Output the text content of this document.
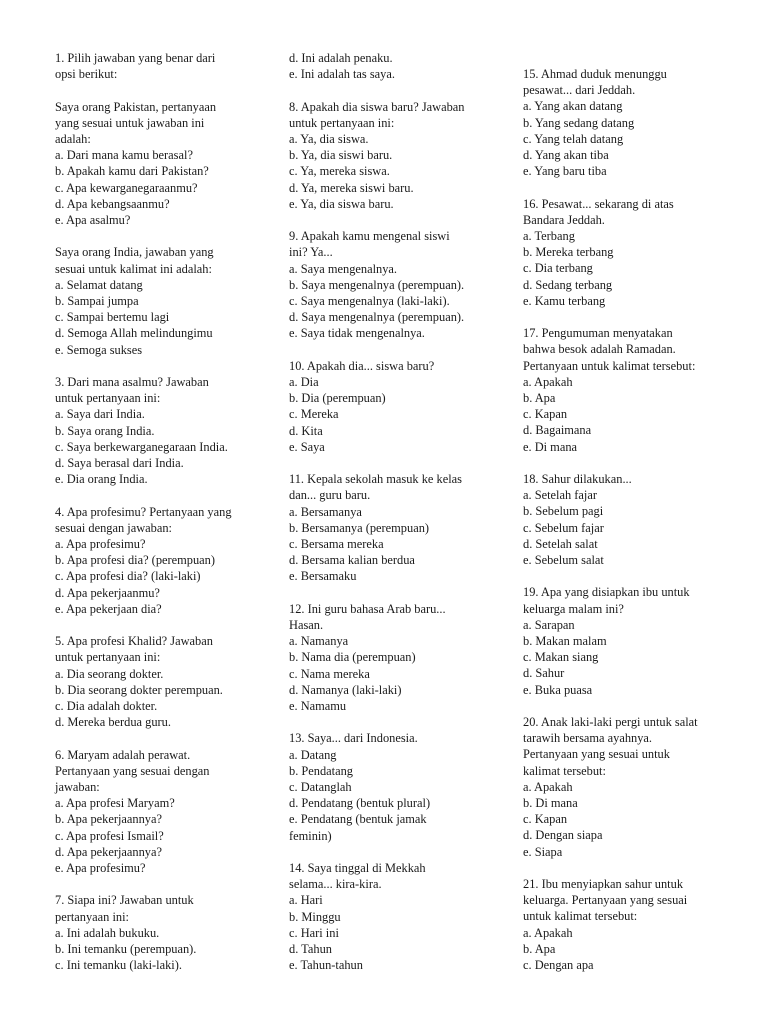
1. Pilih jawaban yang benar dari
opsi berikut:
Saya orang Pakistan, pertanyaan
yang sesuai untuk jawaban ini
adalah:
a. Dari mana kamu berasal?
b. Apakah kamu dari Pakistan?
c. Apa kewarganegaraanmu?
d. Apa kebangsaanmu?
e. Apa asalmu?
Saya orang India, jawaban yang
sesuai untuk kalimat ini adalah:
a. Selamat datang
b. Sampai jumpa
c. Sampai bertemu lagi
d. Semoga Allah melindungimu
e. Semoga sukses
3. Dari mana asalmu? Jawaban
untuk pertanyaan ini:
a. Saya dari India.
b. Saya orang India.
c. Saya berkewarganegaraan India.
d. Saya berasal dari India.
e. Dia orang India.
4. Apa profesimu? Pertanyaan yang
sesuai dengan jawaban:
a. Apa profesimu?
b. Apa profesi dia? (perempuan)
c. Apa profesi dia? (laki-laki)
d. Apa pekerjaanmu?
e. Apa pekerjaan dia?
5. Apa profesi Khalid? Jawaban
untuk pertanyaan ini:
a. Dia seorang dokter.
b. Dia seorang dokter perempuan.
c. Dia adalah dokter.
d. Mereka berdua guru.
6. Maryam adalah perawat.
Pertanyaan yang sesuai dengan
jawaban:
a. Apa profesi Maryam?
b. Apa pekerjaannya?
c. Apa profesi Ismail?
d. Apa pekerjaannya?
e. Apa profesimu?
7. Siapa ini? Jawaban untuk
pertanyaan ini:
a. Ini adalah bukuku.
b. Ini temanku (perempuan).
c. Ini temanku (laki-laki).
d. Ini adalah penaku.
e. Ini adalah tas saya.
8. Apakah dia siswa baru? Jawaban
untuk pertanyaan ini:
a. Ya, dia siswa.
b. Ya, dia siswi baru.
c. Ya, mereka siswa.
d. Ya, mereka siswi baru.
e. Ya, dia siswa baru.
9. Apakah kamu mengenal siswi
ini? Ya...
a. Saya mengenalnya.
b. Saya mengenalnya (perempuan).
c. Saya mengenalnya (laki-laki).
d. Saya mengenalnya (perempuan).
e. Saya tidak mengenalnya.
10. Apakah dia... siswa baru?
a. Dia
b. Dia (perempuan)
c. Mereka
d. Kita
e. Saya
11. Kepala sekolah masuk ke kelas
dan... guru baru.
a. Bersamanya
b. Bersamanya (perempuan)
c. Bersama mereka
d. Bersama kalian berdua
e. Bersamaku
12. Ini guru bahasa Arab baru...
Hasan.
a. Namanya
b. Nama dia (perempuan)
c. Nama mereka
d. Namanya (laki-laki)
e. Namamu
13. Saya... dari Indonesia.
a. Datang
b. Pendatang
c. Datanglah
d. Pendatang (bentuk plural)
e. Pendatang (bentuk jamak
feminin)
14. Saya tinggal di Mekkah
selama... kira-kira.
a. Hari
b. Minggu
c. Hari ini
d. Tahun
e. Tahun-tahun
15. Ahmad duduk menunggu
pesawat... dari Jeddah.
a. Yang akan datang
b. Yang sedang datang
c. Yang telah datang
d. Yang akan tiba
e. Yang baru tiba
16. Pesawat... sekarang di atas
Bandara Jeddah.
a. Terbang
b. Mereka terbang
c. Dia terbang
d. Sedang terbang
e. Kamu terbang
17. Pengumuman menyatakan
bahwa besok adalah Ramadan.
Pertanyaan untuk kalimat tersebut:
a. Apakah
b. Apa
c. Kapan
d. Bagaimana
e. Di mana
18. Sahur dilakukan...
a. Setelah fajar
b. Sebelum pagi
c. Sebelum fajar
d. Setelah salat
e. Sebelum salat
19. Apa yang disiapkan ibu untuk
keluarga malam ini?
a. Sarapan
b. Makan malam
c. Makan siang
d. Sahur
e. Buka puasa
20. Anak laki-laki pergi untuk salat
tarawih bersama ayahnya.
Pertanyaan yang sesuai untuk
kalimat tersebut:
a. Apakah
b. Di mana
c. Kapan
d. Dengan siapa
e. Siapa
21. Ibu menyiapkan sahur untuk
keluarga. Pertanyaan yang sesuai
untuk kalimat tersebut:
a. Apakah
b. Apa
c. Dengan apa
